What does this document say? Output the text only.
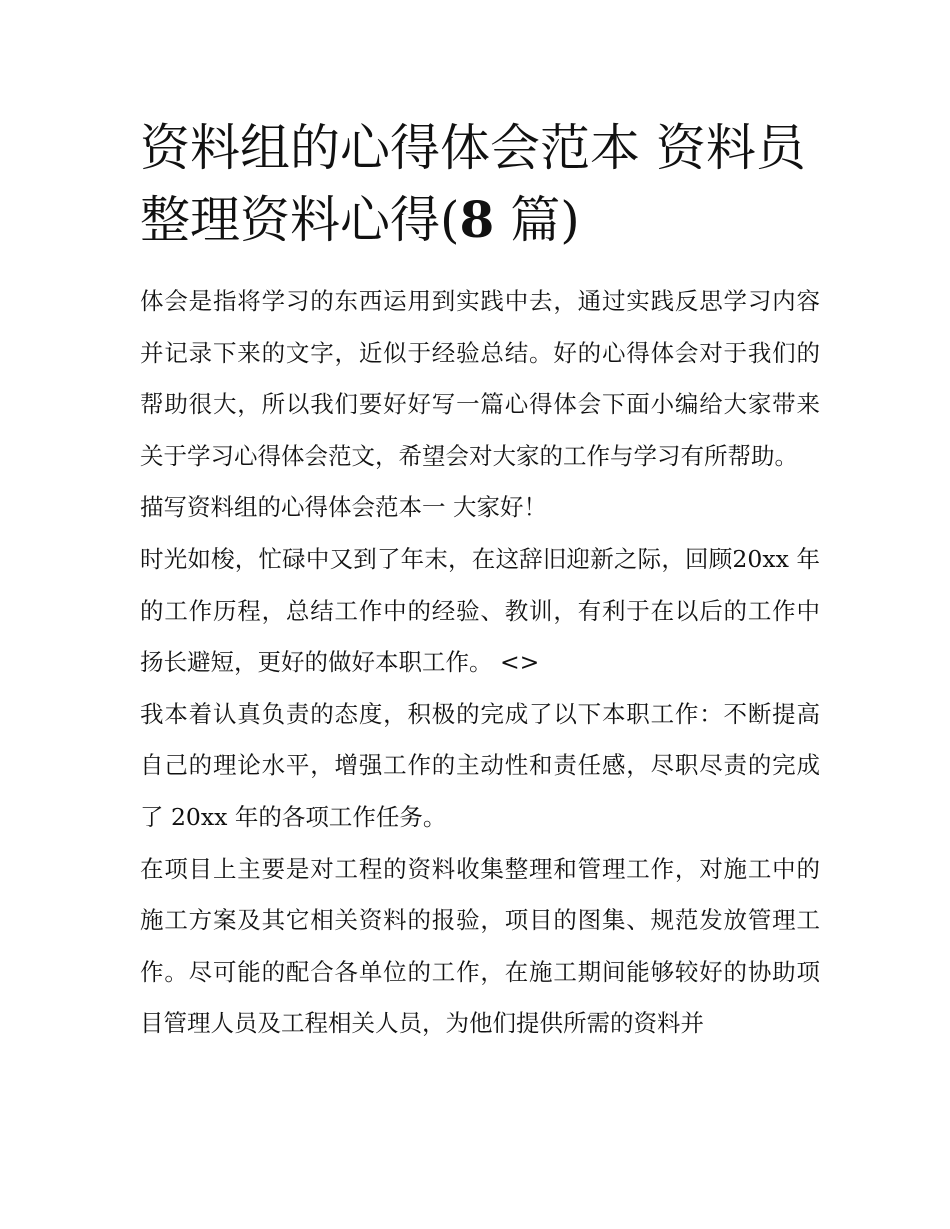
资料组的心得体会范本 资料员
整理资料心得(8 篇)

体会是指将学习的东西运用到实践中去，通过实践反思学习内容并记录下来的文字，近似于经验总结。好的心得体会对于我们的帮助很大，所以我们要好好写一篇心得体会下面小编给大家带来关于学习心得体会范文，希望会对大家的工作与学习有所帮助。

描写资料组的心得体会范本一 大家好！

时光如梭，忙碌中又到了年末，在这辞旧迎新之际，回顾20xx 年的工作历程，总结工作中的经验、教训，有利于在以后的工作中扬长避短，更好的做好本职工作。 <>

我本着认真负责的态度，积极的完成了以下本职工作：不断提高自己的理论水平，增强工作的主动性和责任感，尽职尽责的完成了 20xx 年的各项工作任务。

在项目上主要是对工程的资料收集整理和管理工作，对施工中的施工方案及其它相关资料的报验，项目的图集、规范发放管理工作。尽可能的配合各单位的工作，在施工期间能够较好的协助项目管理人员及工程相关人员，为他们提供所需的资料并
